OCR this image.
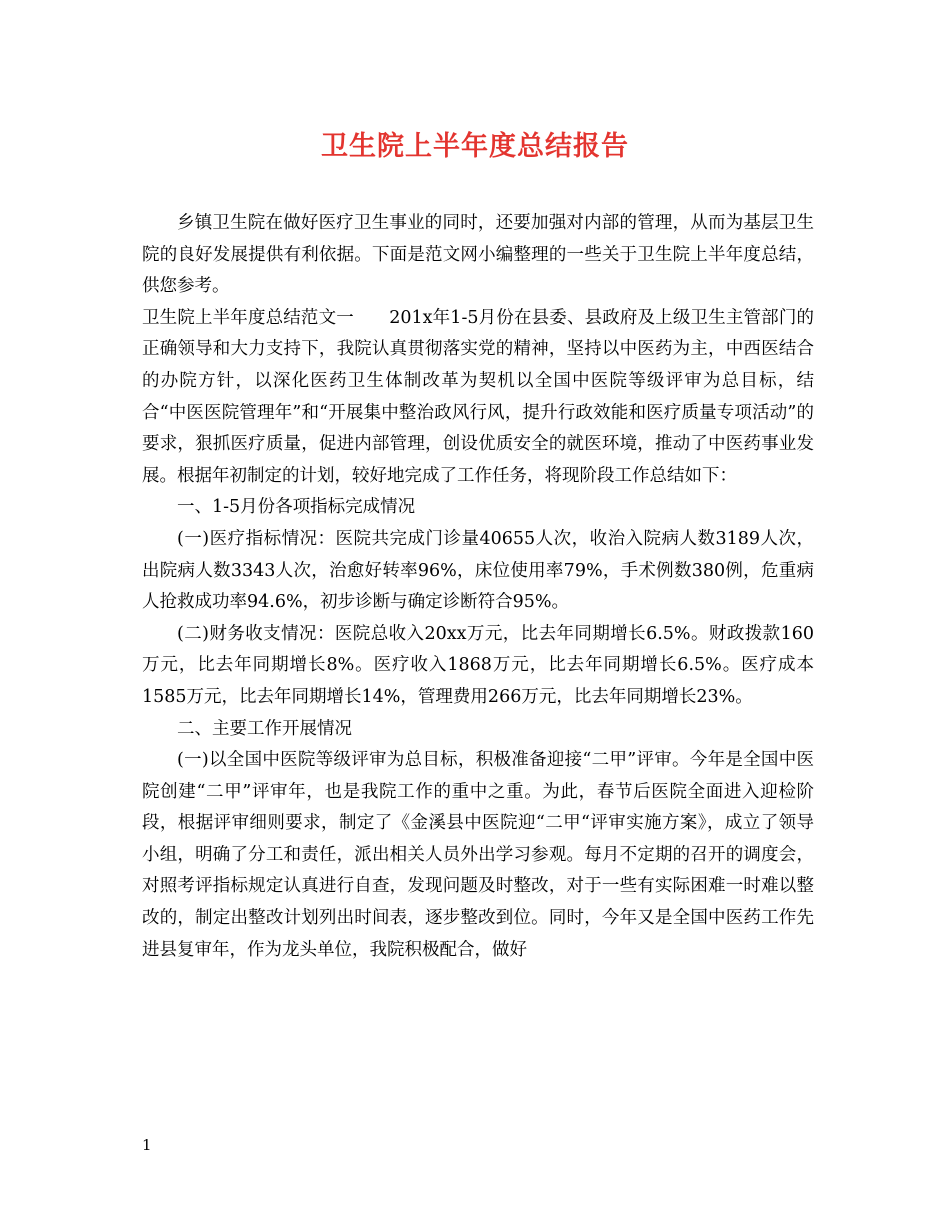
卫生院上半年度总结报告

乡镇卫生院在做好医疗卫生事业的同时，还要加强对内部的管理，从而为基层卫生院的良好发展提供有利依据。下面是范文网小编整理的一些关于卫生院上半年度总结，供您参考。

卫生院上半年度总结范文一　　201x年1-5月份在县委、县政府及上级卫生主管部门的正确领导和大力支持下，我院认真贯彻落实党的精神，坚持以中医药为主，中西医结合的办院方针，以深化医药卫生体制改革为契机以全国中医院等级评审为总目标，结合“中医医院管理年”和“开展集中整治政风行风，提升行政效能和医疗质量专项活动”的要求，狠抓医疗质量，促进内部管理，创设优质安全的就医环境，推动了中医药事业发展。根据年初制定的计划，较好地完成了工作任务，将现阶段工作总结如下：

一、1-5月份各项指标完成情况

(一)医疗指标情况：医院共完成门诊量40655人次，收治入院病人数3189人次，出院病人数3343人次，治愈好转率96%，床位使用率79%，手术例数380例，危重病人抢救成功率94.6%，初步诊断与确定诊断符合95%。

(二)财务收支情况：医院总收入20xx万元，比去年同期增长6.5%。财政拨款160万元，比去年同期增长8%。医疗收入1868万元，比去年同期增长6.5%。医疗成本1585万元，比去年同期增长14%，管理费用266万元，比去年同期增长23%。

二、主要工作开展情况

(一)以全国中医院等级评审为总目标，积极准备迎接“二甲”评审。今年是全国中医院创建“二甲”评审年，也是我院工作的重中之重。为此，春节后医院全面进入迎检阶段，根据评审细则要求，制定了《金溪县中医院迎“二甲“评审实施方案》，成立了领导小组，明确了分工和责任，派出相关人员外出学习参观。每月不定期的召开的调度会，对照考评指标规定认真进行自查，发现问题及时整改，对于一些有实际困难一时难以整改的，制定出整改计划列出时间表，逐步整改到位。同时，今年又是全国中医药工作先进县复审年，作为龙头单位，我院积极配合，做好

1
